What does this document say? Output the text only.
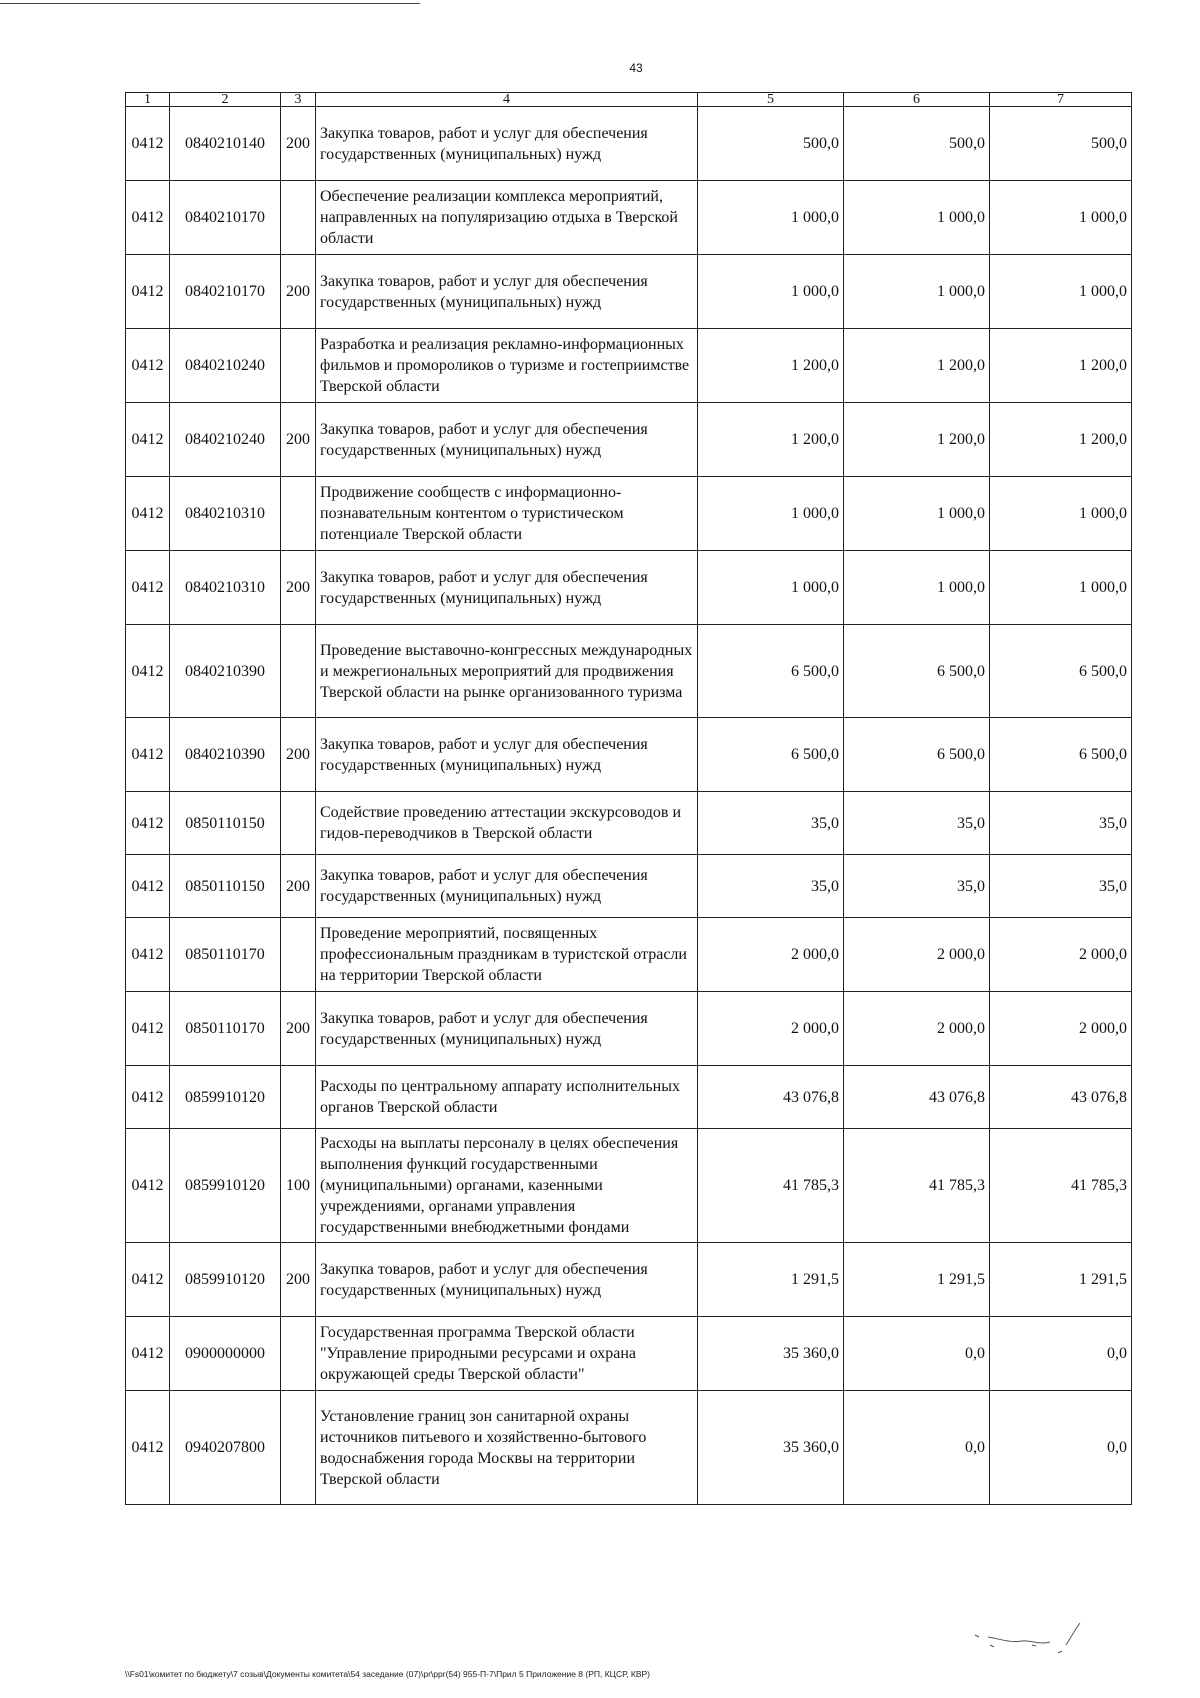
43
1	2	3	4	5	6	7
0412	0840210140	200	Закупка товаров, работ и услуг для обеспечения государственных (муниципальных) нужд	500,0	500,0	500,0
0412	0840210170		Обеспечение реализации комплекса мероприятий, направленных на популяризацию отдыха в Тверской области	1 000,0	1 000,0	1 000,0
0412	0840210170	200	Закупка товаров, работ и услуг для обеспечения государственных (муниципальных) нужд	1 000,0	1 000,0	1 000,0
0412	0840210240		Разработка и реализация рекламно-информационных фильмов и промороликов о туризме и гостеприимстве Тверской области	1 200,0	1 200,0	1 200,0
0412	0840210240	200	Закупка товаров, работ и услуг для обеспечения государственных (муниципальных) нужд	1 200,0	1 200,0	1 200,0
0412	0840210310		Продвижение сообществ с информационно-познавательным контентом о туристическом потенциале Тверской области	1 000,0	1 000,0	1 000,0
0412	0840210310	200	Закупка товаров, работ и услуг для обеспечения государственных (муниципальных) нужд	1 000,0	1 000,0	1 000,0
0412	0840210390		Проведение выставочно-конгрессных международных и межрегиональных мероприятий для продвижения Тверской области на рынке организованного туризма	6 500,0	6 500,0	6 500,0
0412	0840210390	200	Закупка товаров, работ и услуг для обеспечения государственных (муниципальных) нужд	6 500,0	6 500,0	6 500,0
0412	0850110150		Содействие проведению аттестации экскурсоводов и гидов-переводчиков в Тверской области	35,0	35,0	35,0
0412	0850110150	200	Закупка товаров, работ и услуг для обеспечения государственных (муниципальных) нужд	35,0	35,0	35,0
0412	0850110170		Проведение мероприятий, посвященных профессиональным праздникам в туристской отрасли на территории Тверской области	2 000,0	2 000,0	2 000,0
0412	0850110170	200	Закупка товаров, работ и услуг для обеспечения государственных (муниципальных) нужд	2 000,0	2 000,0	2 000,0
0412	0859910120		Расходы по центральному аппарату исполнительных органов Тверской области	43 076,8	43 076,8	43 076,8
0412	0859910120	100	Расходы на выплаты персоналу в целях обеспечения выполнения функций государственными (муниципальными) органами, казенными учреждениями, органами управления государственными внебюджетными фондами	41 785,3	41 785,3	41 785,3
0412	0859910120	200	Закупка товаров, работ и услуг для обеспечения государственных (муниципальных) нужд	1 291,5	1 291,5	1 291,5
0412	0900000000		Государственная программа Тверской области "Управление природными ресурсами и охрана окружающей среды Тверской области"	35 360,0	0,0	0,0
0412	0940207800		Установление границ зон санитарной охраны источников питьевого и хозяйственно-бытового водоснабжения города Москвы на территории Тверской области	35 360,0	0,0	0,0
\\Fs01\комитет по бюджету\7 созыв\Документы комитета\54 заседание (07)\pr\ppr(54) 955-П-7\Прил 5 Приложение 8 (РП, КЦСР, КВР)
